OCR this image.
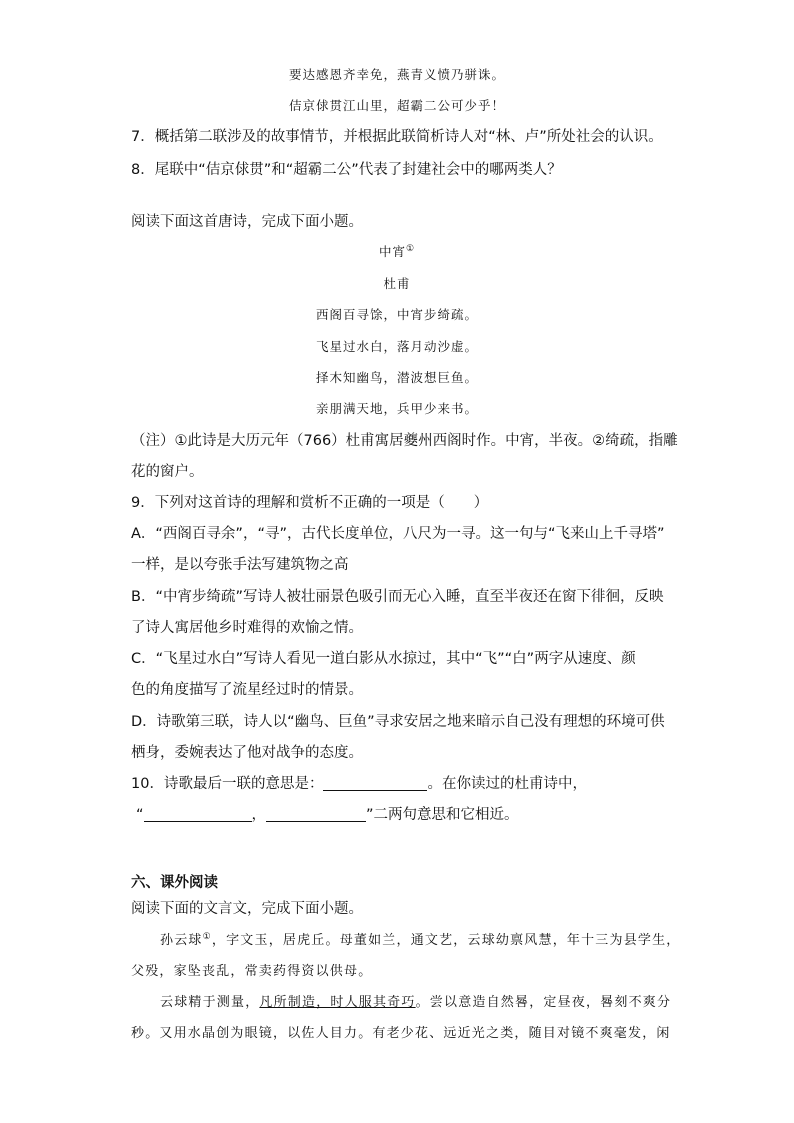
要达感恩齐幸免，燕青义愤乃骈诛。
佶京俅贯江山里，超霸二公可少乎！
7．概括第二联涉及的故事情节，并根据此联简析诗人对“林、卢”所处社会的认识。
8．尾联中“佶京俅贯”和“超霸二公”代表了封建社会中的哪两类人？
阅读下面这首唐诗，完成下面小题。
中宵①
杜甫
西阁百寻馀，中宵步绮疏。
飞星过水白，落月动沙虚。
择木知幽鸟，潜波想巨鱼。
亲朋满天地，兵甲少来书。
（注）①此诗是大历元年（766）杜甫寓居夔州西阁时作。中宵，半夜。②绮疏，指雕
花的窗户。
9．下列对这首诗的理解和赏析不正确的一项是（　　）
A．“西阁百寻余”，“寻”，古代长度单位，八尺为一寻。这一句与“飞来山上千寻塔”
一样，是以夸张手法写建筑物之高
B．“中宵步绮疏”写诗人被壮丽景色吸引而无心入睡，直至半夜还在窗下徘徊，反映
了诗人寓居他乡时难得的欢愉之情。
C．“飞星过水白”写诗人看见一道白影从水掠过，其中“飞”“白”两字从速度、颜
色的角度描写了流星经过时的情景。
D．诗歌第三联，诗人以“幽鸟、巨鱼”寻求安居之地来暗示自己没有理想的环境可供
栖身，委婉表达了他对战争的态度。
10．诗歌最后一联的意思是：	。在你读过的杜甫诗中，
“	，	”二两句意思和它相近。
六、课外阅读
阅读下面的文言文，完成下面小题。
孙云球①，字文玉，居虎丘。母董如兰，通文艺，云球幼禀风慧，年十三为县学生，
父殁，家坠丧乱，常卖药得资以供母。
云球精于测量，凡所制造，时人服其奇巧。尝以意造自然晷，定昼夜，晷刻不爽分
秒。又用水晶创为眼镜，以佐人目力。有老少花、远近光之类，随目对镜不爽毫发，闲
